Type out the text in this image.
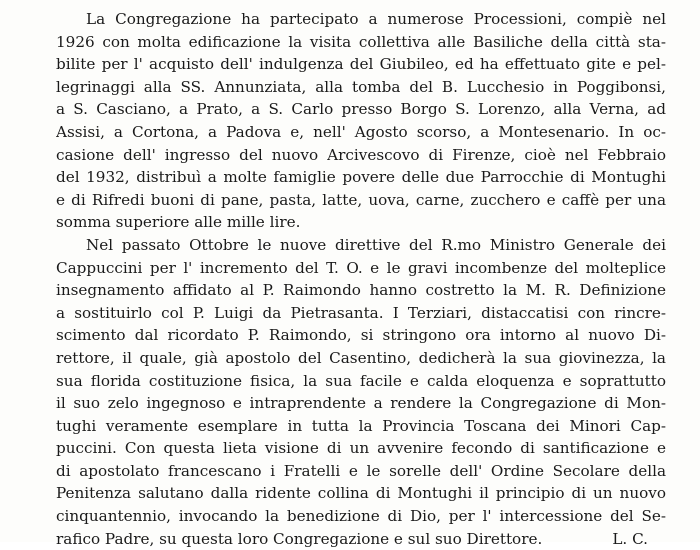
La Congregazione ha partecipato a numerose Processioni, compiè nel
1926 con molta edificazione la visita collettiva alle Basiliche della città sta-
bilite per l' acquisto dell' indulgenza del Giubileo, ed ha effettuato gite e pel-
legrinaggi alla SS. Annunziata, alla tomba del B. Lucchesio in Poggibonsi,
a S. Casciano, a Prato, a S. Carlo presso Borgo S. Lorenzo, alla Verna, ad
Assisi, a Cortona, a Padova e, nell' Agosto scorso, a Montesenario. In oc-
casione dell' ingresso del nuovo Arcivescovo di Firenze, cioè nel Febbraio
del 1932, distribuì a molte famiglie povere delle due Parrocchie di Montughi
e di Rifredi buoni di pane, pasta, latte, uova, carne, zucchero e caffè per una
somma superiore alle mille lire.
Nel passato Ottobre le nuove direttive del R.mo Ministro Generale dei
Cappuccini per l' incremento del T. O. e le gravi incombenze del molteplice
insegnamento affidato al P. Raimondo hanno costretto la M. R. Definizione
a sostituirlo col P. Luigi da Pietrasanta. I Terziari, distaccatisi con rincre-
scimento dal ricordato P. Raimondo, si stringono ora intorno al nuovo Di-
rettore, il quale, già apostolo del Casentino, dedicherà la sua giovinezza, la
sua florida costituzione fisica, la sua facile e calda eloquenza e soprattutto
il suo zelo ingegnoso e intraprendente a rendere la Congregazione di Mon-
tughi veramente esemplare in tutta la Provincia Toscana dei Minori Cap-
puccini. Con questa lieta visione di un avvenire fecondo di santificazione e
di apostolato francescano i Fratelli e le sorelle dell' Ordine Secolare della
Penitenza salutano dalla ridente collina di Montughi il principio di un nuovo
cinquantennio, invocando la benedizione di Dio, per l' intercessione del Se-
rafico Padre, su questa loro Congregazione e sul suo Direttore.	L. C.
